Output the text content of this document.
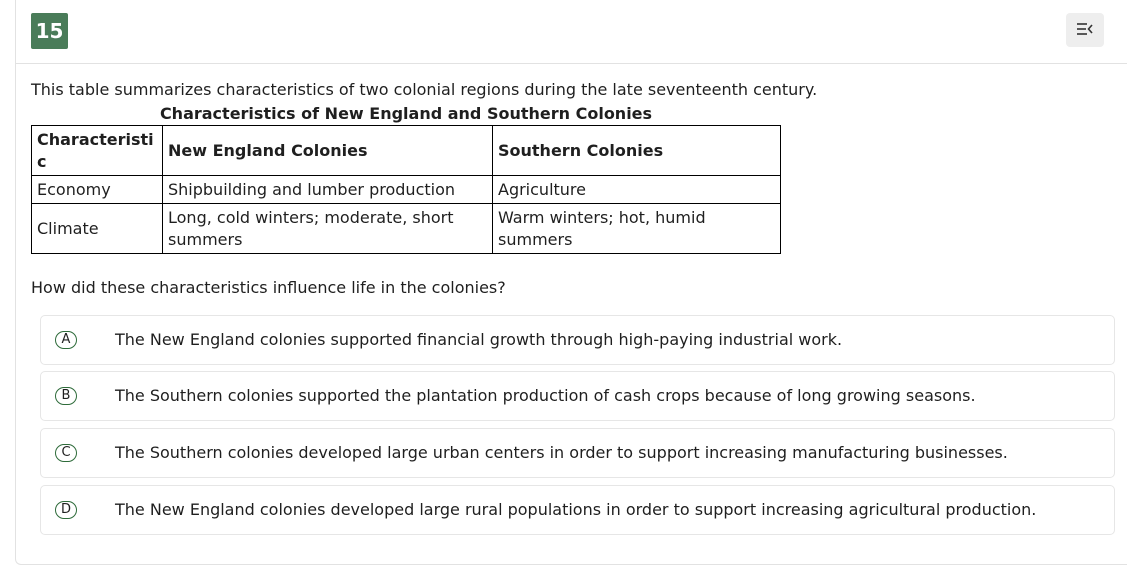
15
This table summarizes characteristics of two colonial regions during the late seventeenth century.
Characteristics of New England and Southern Colonies
Characteristic	New England Colonies	Southern Colonies
Economy	Shipbuilding and lumber production	Agriculture
Climate	Long, cold winters; moderate, short summers	Warm winters; hot, humid summers
How did these characteristics influence life in the colonies?
A	The New England colonies supported financial growth through high-paying industrial work.
B	The Southern colonies supported the plantation production of cash crops because of long growing seasons.
C	The Southern colonies developed large urban centers in order to support increasing manufacturing businesses.
D	The New England colonies developed large rural populations in order to support increasing agricultural production.
